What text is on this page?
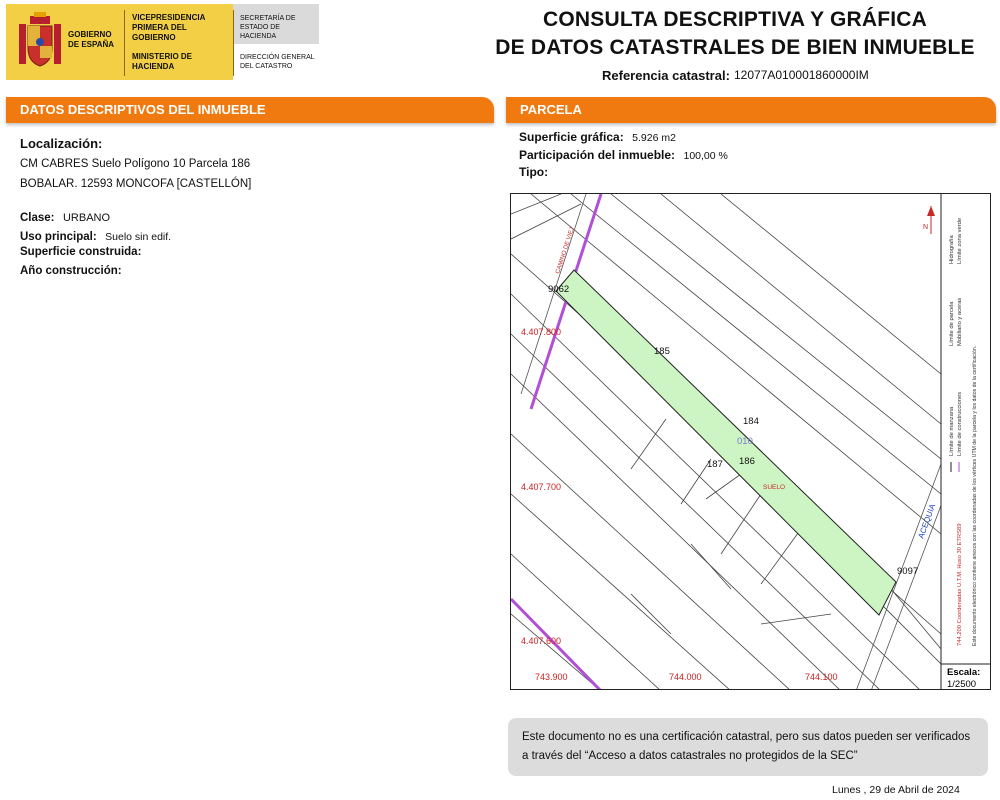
GOBIERNO DE ESPAÑA
VICEPRESIDENCIA PRIMERA DEL GOBIERNO
MINISTERIO DE HACIENDA
SECRETARÍA DE ESTADO DE HACIENDA
DIRECCIÓN GENERAL DEL CATASTRO
CONSULTA DESCRIPTIVA Y GRÁFICA
DE DATOS CATASTRALES DE BIEN INMUEBLE
Referencia catastral: 12077A010001860000IM
DATOS DESCRIPTIVOS DEL INMUEBLE
Localización:
CM CABRES Suelo Polígono 10 Parcela 186
BOBALAR. 12593 MONCOFA [CASTELLÓN]
Clase: URBANO
Uso principal: Suelo sin edif.
Superficie construida:
Año construcción:
PARCELA
Superficie gráfica: 5.926 m2
Participación del inmueble: 100,00 %
Tipo:
9062
185
184
010
187 186
9097
SUELO
CAMINO DE VIEJ
ACEQUIA
4.407.800
4.407.700
4.407.600
743.900	744.000	744.100
N
Límite de manzana Límite de construcciones
Límite de parcela Mobiliario y aceras
Hidrografía Límite zona verde
744.200 Coordenadas U.T.M. Huso 30 ETRS89 Este documento electrónico contiene anexos con las coordenadas de los vértices UTM de la parcela y los datos de la certificación.
Escala:
1/2500
Este documento no es una certificación catastral, pero sus datos pueden ser verificados a través del “Acceso a datos catastrales no protegidos de la SEC”
Lunes , 29 de Abril de 2024
